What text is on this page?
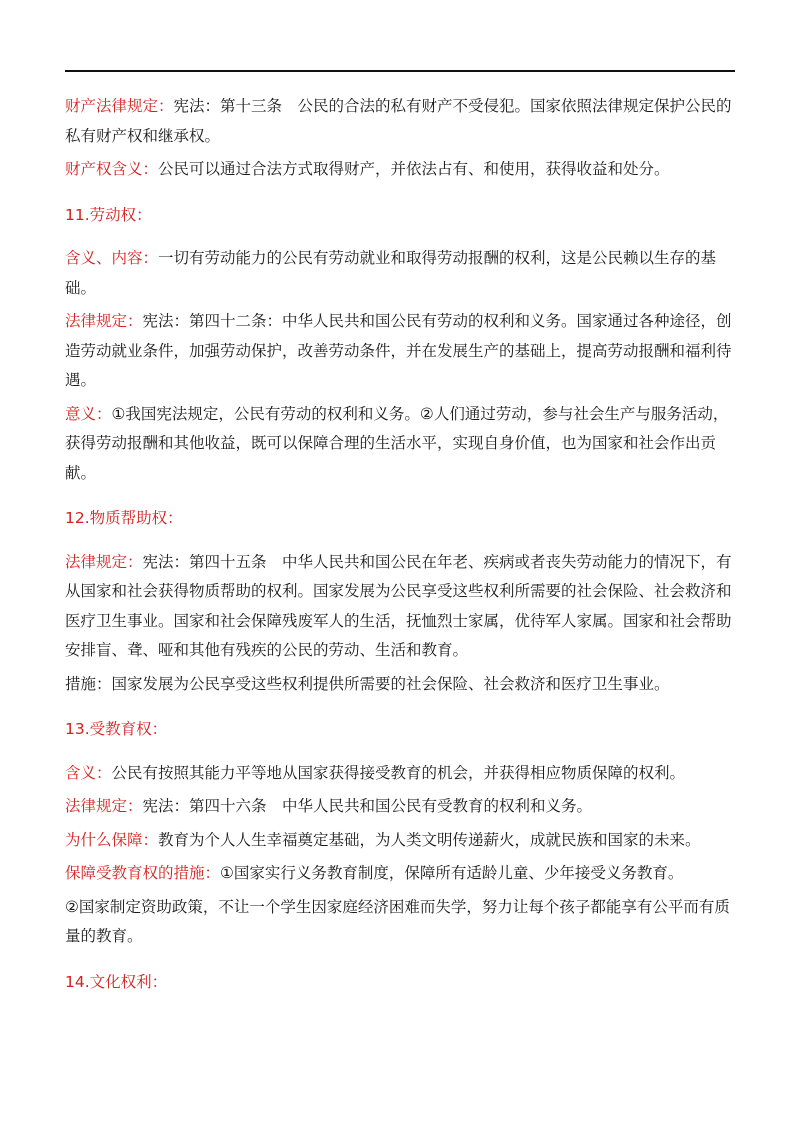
财产法律规定：宪法：第十三条　公民的合法的私有财产不受侵犯。国家依照法律规定保护公民的私有财产权和继承权。

财产权含义：公民可以通过合法方式取得财产，并依法占有、和使用，获得收益和处分。

11.劳动权：

含义、内容：一切有劳动能力的公民有劳动就业和取得劳动报酬的权利，这是公民赖以生存的基础。

法律规定：宪法：第四十二条：中华人民共和国公民有劳动的权利和义务。国家通过各种途径，创造劳动就业条件，加强劳动保护，改善劳动条件，并在发展生产的基础上，提高劳动报酬和福利待遇。

意义：①我国宪法规定，公民有劳动的权利和义务。②人们通过劳动，参与社会生产与服务活动，获得劳动报酬和其他收益，既可以保障合理的生活水平，实现自身价值，也为国家和社会作出贡献。

12.物质帮助权：

法律规定：宪法：第四十五条　中华人民共和国公民在年老、疾病或者丧失劳动能力的情况下，有从国家和社会获得物质帮助的权利。国家发展为公民享受这些权利所需要的社会保险、社会救济和医疗卫生事业。国家和社会保障残废军人的生活，抚恤烈士家属，优待军人家属。国家和社会帮助安排盲、聋、哑和其他有残疾的公民的劳动、生活和教育。

措施：国家发展为公民享受这些权利提供所需要的社会保险、社会救济和医疗卫生事业。

13.受教育权：

含义：公民有按照其能力平等地从国家获得接受教育的机会，并获得相应物质保障的权利。

法律规定：宪法：第四十六条　中华人民共和国公民有受教育的权利和义务。

为什么保障：教育为个人人生幸福奠定基础，为人类文明传递薪火，成就民族和国家的未来。

保障受教育权的措施：①国家实行义务教育制度，保障所有适龄儿童、少年接受义务教育。

②国家制定资助政策，不让一个学生因家庭经济困难而失学，努力让每个孩子都能享有公平而有质量的教育。

14.文化权利：
